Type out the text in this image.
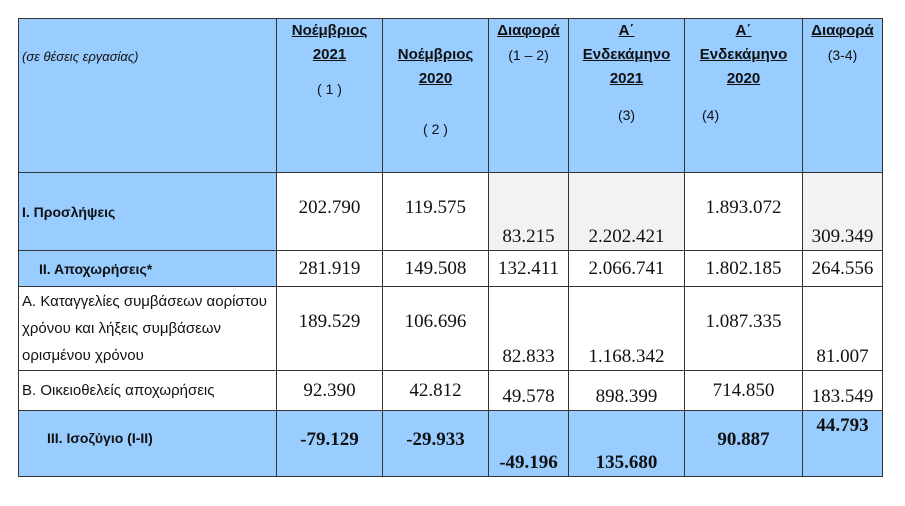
(σε θέσεις εργασίας)	Νοέμβριος
2021
( 1 )	Νοέμβριος
2020
( 2 )	Διαφορά
(1 – 2)	Α΄
Ενδεκάμηνο
2021
(3)	Α΄
Ενδεκάμηνο
2020
(4)	Διαφορά
(3-4)

Ι. Προσλήψεις	202.790	119.575	83.215	2.202.421	1.893.072	309.349
ΙΙ. Αποχωρήσεις*	281.919	149.508	132.411	2.066.741	1.802.185	264.556
Α. Καταγγελίες συμβάσεων αορίστου χρόνου και λήξεις συμβάσεων ορισμένου χρόνου	189.529	106.696	82.833	1.168.342	1.087.335	81.007
Β. Οικειοθελείς αποχωρήσεις	92.390	42.812	49.578	898.399	714.850	183.549
ΙΙΙ. Ισοζύγιο (Ι-ΙΙ)	-79.129	-29.933	-49.196	135.680	90.887	44.793
